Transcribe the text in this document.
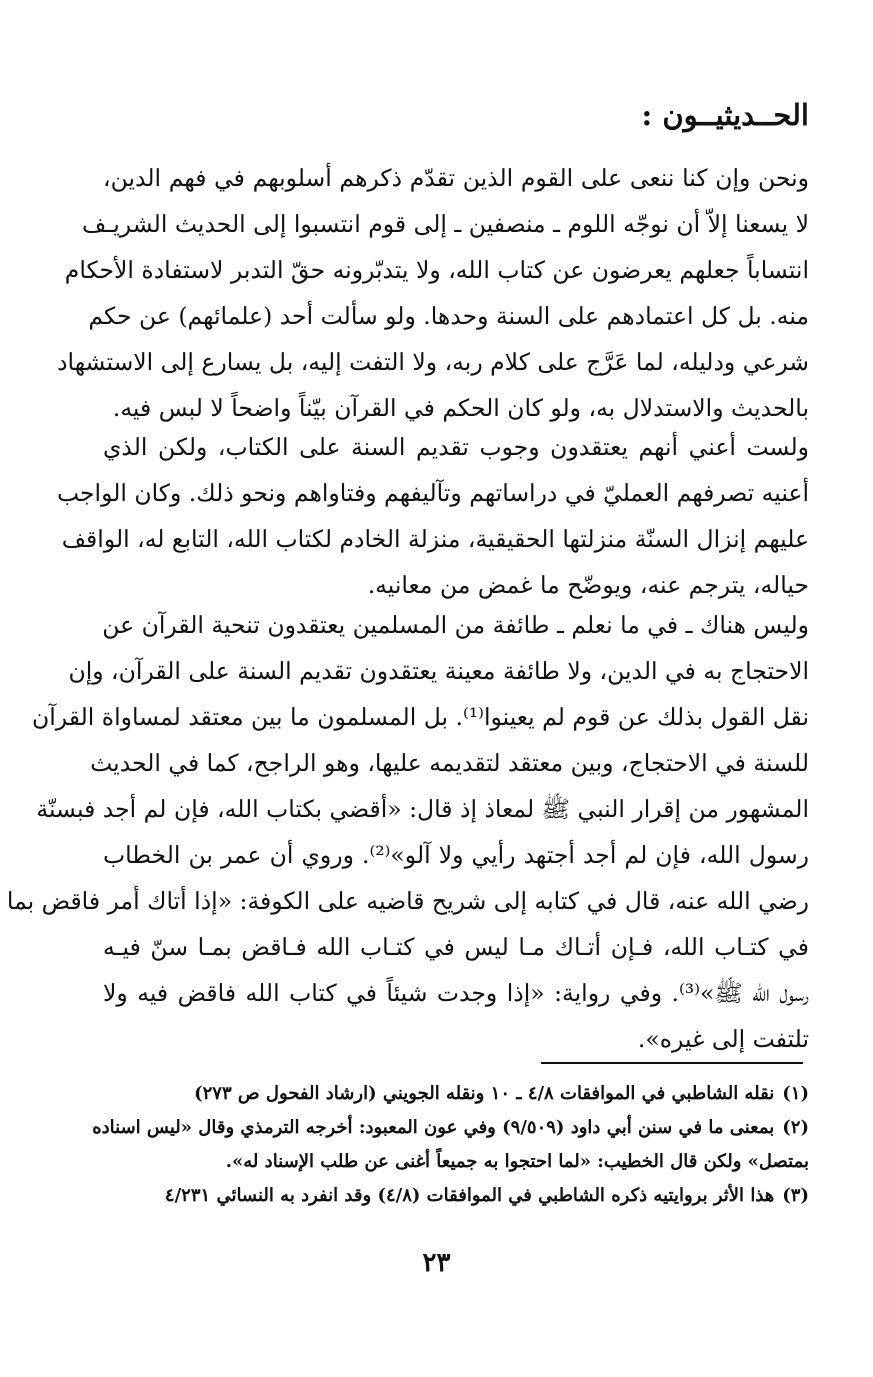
الحــديثيــون :
ونحن وإن كنا ننعى على القوم الذين تقدّم ذكرهم أسلوبهم في فهم الدين،
لا يسعنا إلاّ أن نوجّه اللوم ـ منصفين ـ إلى قوم انتسبوا إلى الحديث الشريـف
انتساباً جعلهم يعرضون عن كتاب الله، ولا يتدبّرونه حقّ التدبر لاستفادة الأحكام
منه. بل كل اعتمادهم على السنة وحدها. ولو سألت أحد (علمائهم) عن حكم
شرعي ودليله، لما عَرَّج على كلام ربه، ولا التفت إليه، بل يسارع إلى الاستشهاد
بالحديث والاستدلال به، ولو كان الحكم في القرآن بيّناً واضحاً لا لبس فيه.
ولست أعني أنهم يعتقدون وجوب تقديم السنة على الكتاب، ولكن الذي
أعنيه تصرفهم العمليّ في دراساتهم وتآليفهم وفتاواهم ونحو ذلك. وكان الواجب
عليهم إنزال السنّة منزلتها الحقيقية، منزلة الخادم لكتاب الله، التابع له، الواقف
حياله، يترجم عنه، ويوضّح ما غمض من معانيه.
وليس هناك ـ في ما نعلم ـ طائفة من المسلمين يعتقدون تنحية القرآن عن
الاحتجاج به في الدين، ولا طائفة معينة يعتقدون تقديم السنة على القرآن، وإن
نقل القول بذلك عن قوم لم يعينوا⁽¹⁾. بل المسلمون ما بين معتقد لمساواة القرآن
للسنة في الاحتجاج، وبين معتقد لتقديمه عليها، وهو الراجح، كما في الحديث
المشهور من إقرار النبي ﷺ لمعاذ إذ قال: «أقضي بكتاب الله، فإن لم أجد فبسنّة
رسول الله، فإن لم أجد أجتهد رأيي ولا آلو»⁽²⁾. وروي أن عمر بن الخطاب
رضي الله عنه، قال في كتابه إلى شريح قاضيه على الكوفة: «إذا أتاك أمر فاقض بما
في كتـاب الله، فـإن أتـاك مـا ليس في كتـاب الله فـاقض بمـا سنّ فيـه
رسول الله ﷺ»⁽³⁾. وفي رواية: «إذا وجدت شيئاً في كتاب الله فاقض فيه ولا
تلتفت إلى غيره».
(١)نقله الشاطبي في الموافقات ٤/٨ ـ ١٠ ونقله الجويني (ارشاد الفحول ص ٢٧٣)
(٢)بمعنى ما في سنن أبي داود (٩/٥٠٩) وفي عون المعبود: أخرجه الترمذي وقال «ليس اسناده
بمتصل» ولكن قال الخطيب: «لما احتجوا به جميعاً أغنى عن طلب الإسناد له».
(٣)هذا الأثر بروايتيه ذكره الشاطبي في الموافقات (٤/٨) وقد انفرد به النسائي ٤/٢٣١
٢٣
